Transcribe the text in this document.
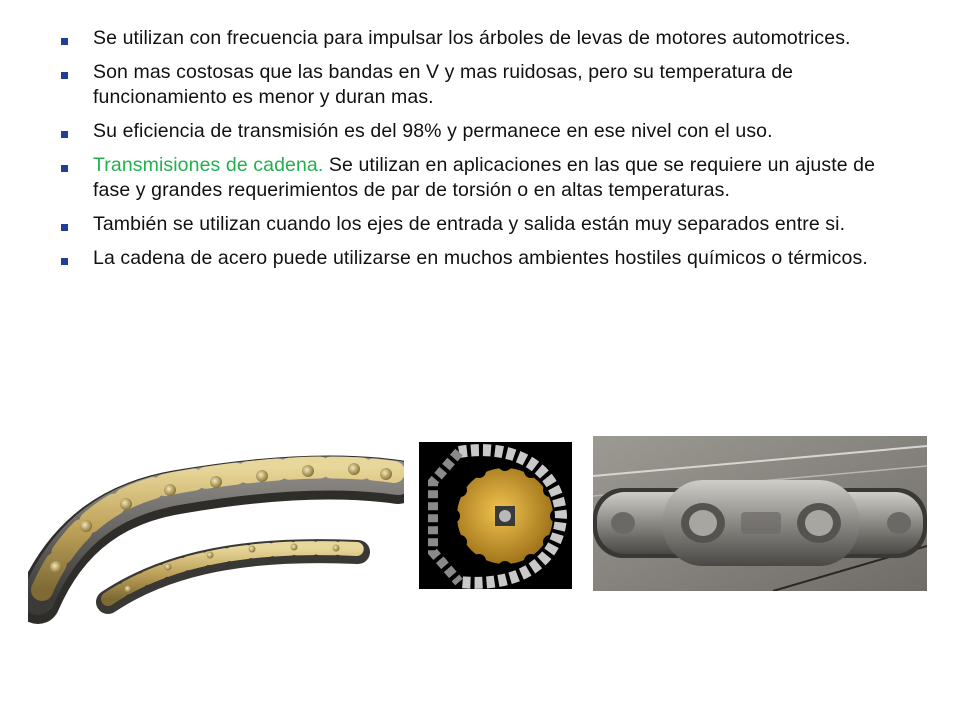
Se utilizan con frecuencia para impulsar los árboles de levas de motores automotrices.
Son mas costosas que las bandas en V y mas ruidosas, pero su temperatura de funcionamiento es menor y duran mas.
Su eficiencia de transmisión es del 98% y permanece en ese nivel con el uso.
Transmisiones de cadena. Se utilizan en aplicaciones en las que se requiere un ajuste de fase y grandes requerimientos de par de torsión o en altas temperaturas.
También se utilizan cuando los ejes de entrada y salida están muy separados entre si.
La cadena de acero puede utilizarse en muchos ambientes hostiles químicos o térmicos.
